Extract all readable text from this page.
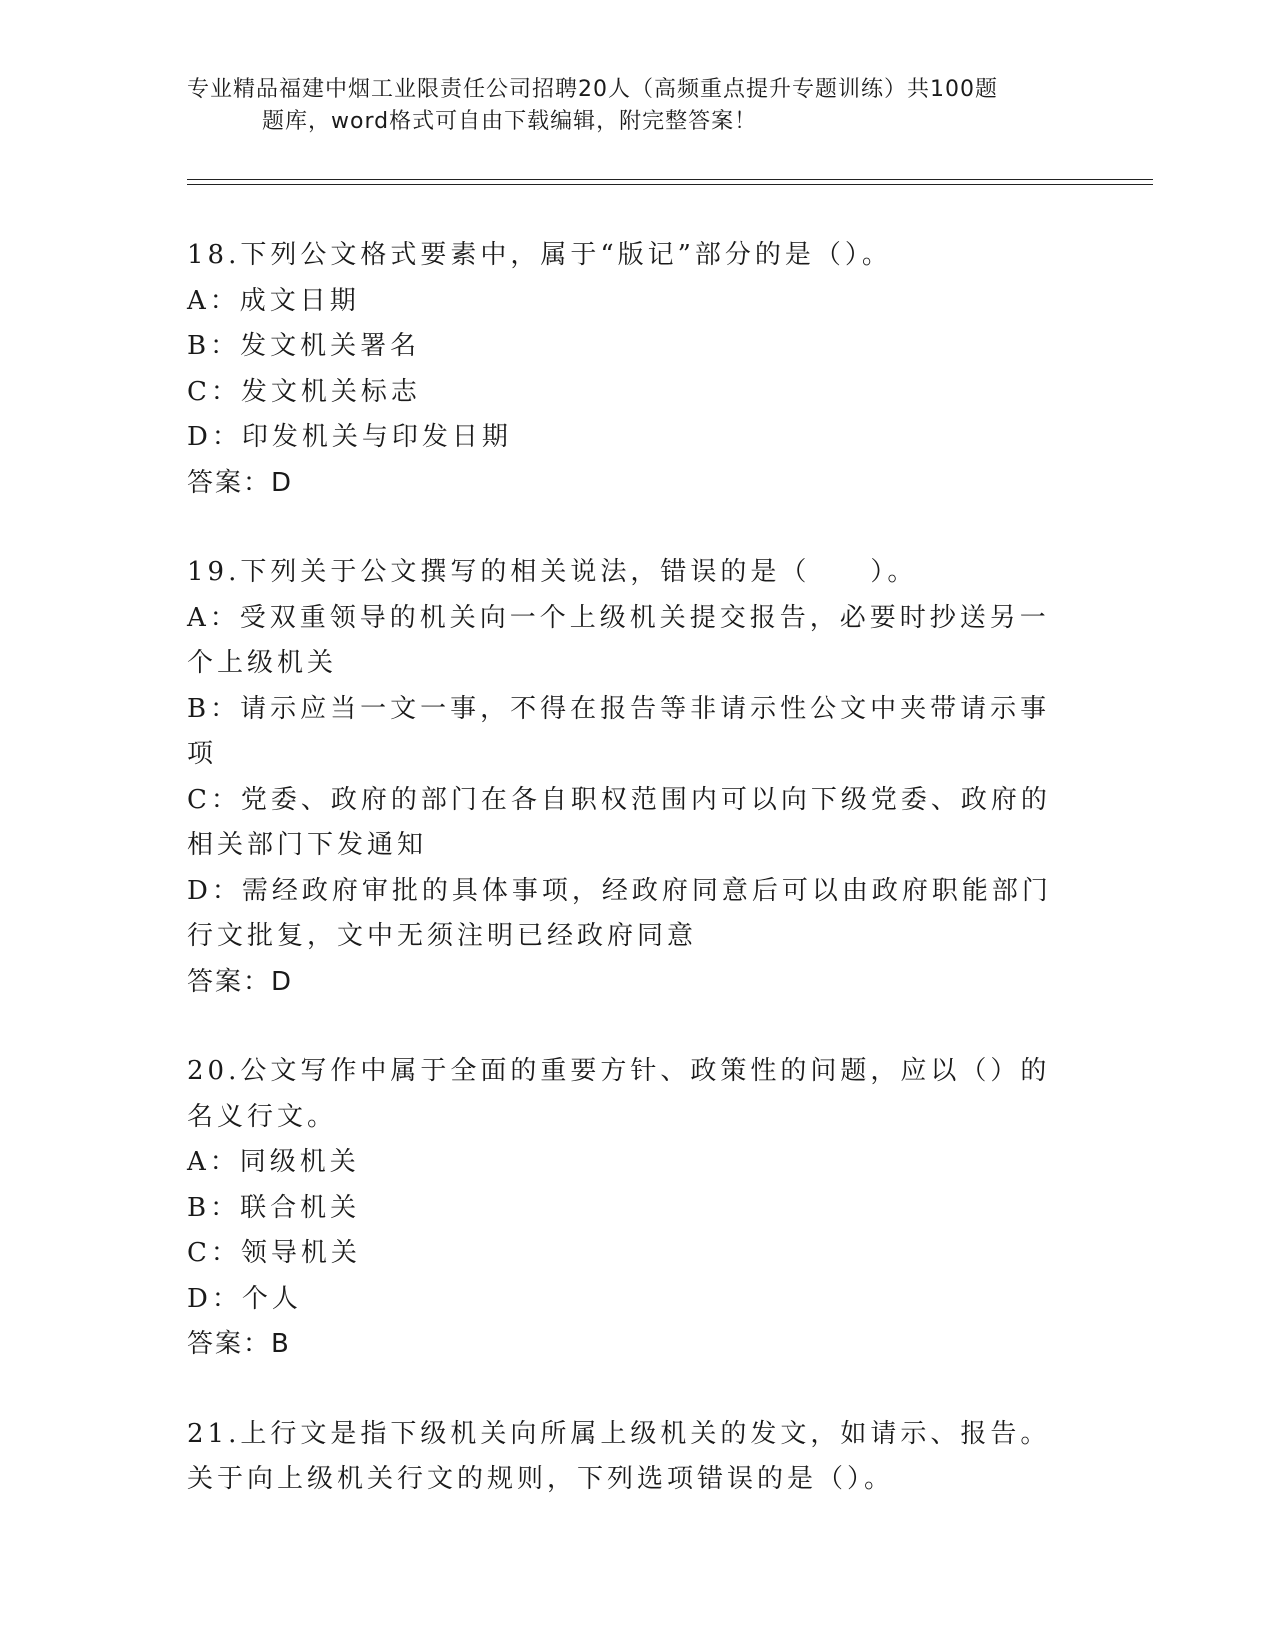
专业精品福建中烟工业限责任公司招聘20人（高频重点提升专题训练）共100题

题库，word格式可自由下载编辑，附完整答案！

18.下列公文格式要素中，属于“版记”部分的是（）。

A：成文日期

B：发文机关署名

C：发文机关标志

D：印发机关与印发日期

答案：D

19.下列关于公文撰写的相关说法，错误的是（　　）。

A：受双重领导的机关向一个上级机关提交报告，必要时抄送另一个上级机关

B：请示应当一文一事，不得在报告等非请示性公文中夹带请示事项

C：党委、政府的部门在各自职权范围内可以向下级党委、政府的相关部门下发通知

D：需经政府审批的具体事项，经政府同意后可以由政府职能部门行文批复，文中无须注明已经政府同意

答案：D

20.公文写作中属于全面的重要方针、政策性的问题，应以（）的名义行文。

A：同级机关

B：联合机关

C：领导机关

D：个人

答案：B

21.上行文是指下级机关向所属上级机关的发文，如请示、报告。关于向上级机关行文的规则，下列选项错误的是（）。
